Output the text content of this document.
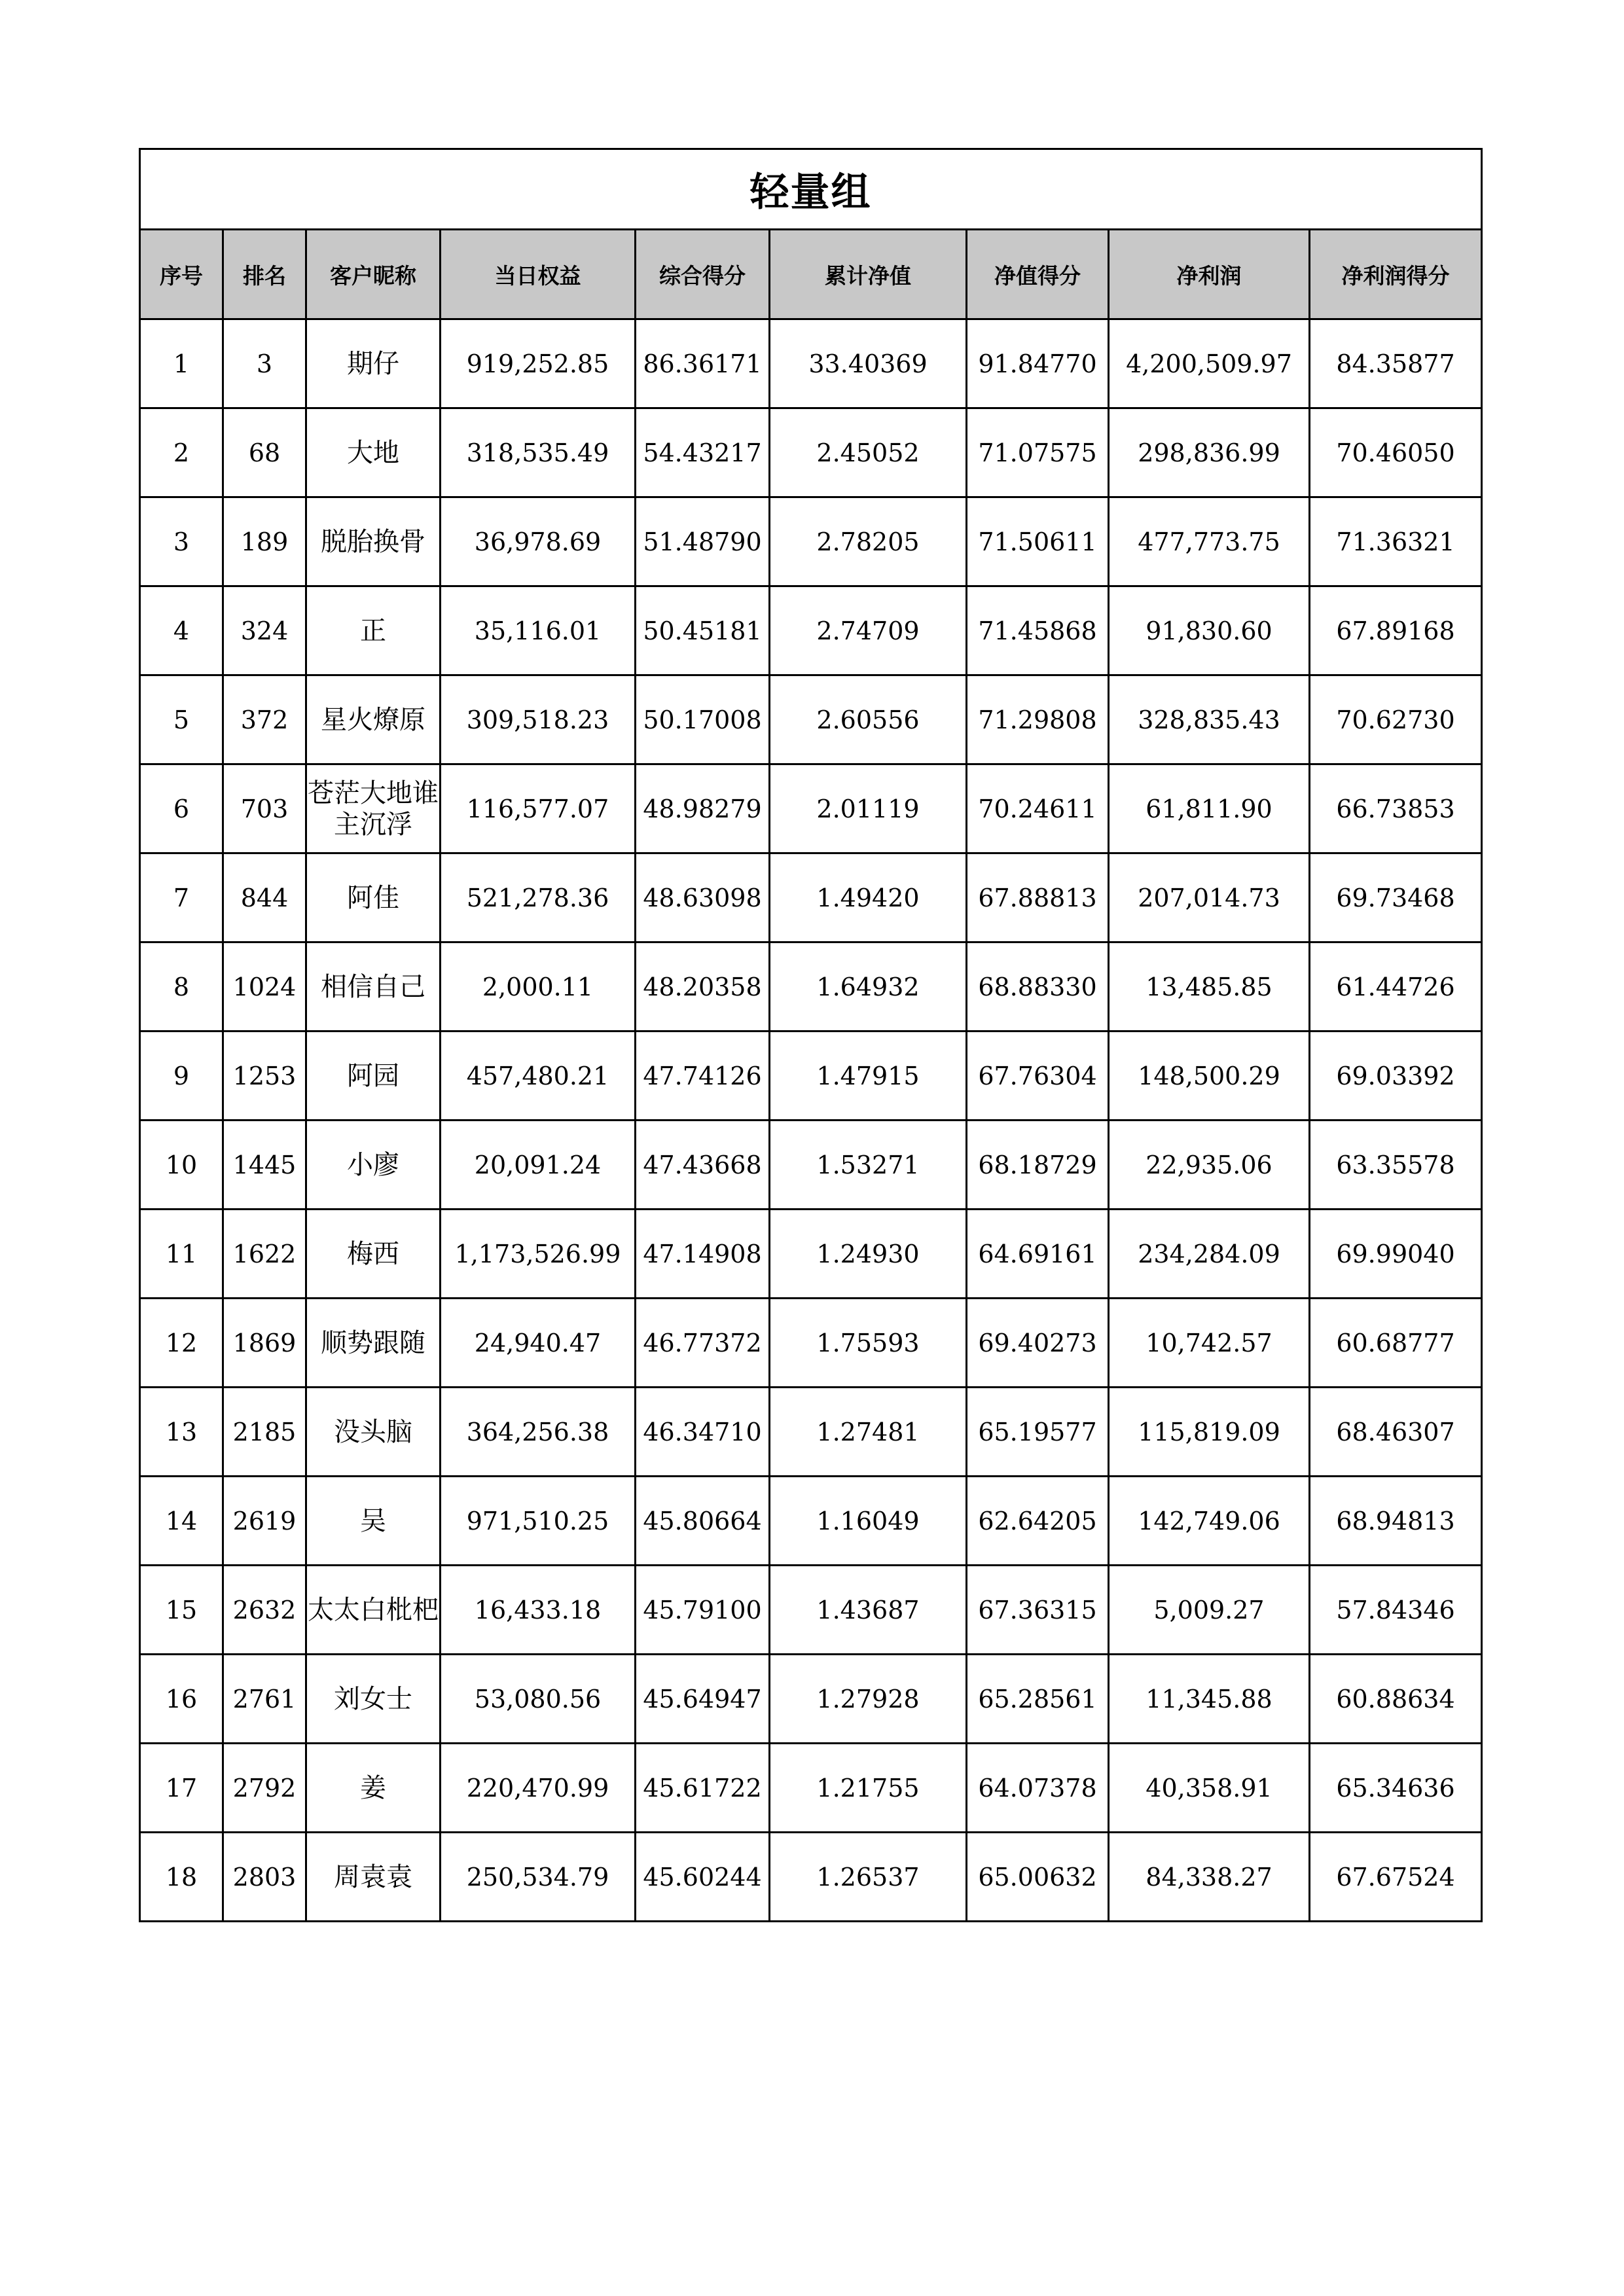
轻量组								
序号	排名	客户昵称	当日权益	综合得分	累计净值	净值得分	净利润	净利润得分
1	3	期仔	919,252.85	86.36171	33.40369	91.84770	4,200,509.97	84.35877
2	68	大地	318,535.49	54.43217	2.45052	71.07575	298,836.99	70.46050
3	189	脱胎换骨	36,978.69	51.48790	2.78205	71.50611	477,773.75	71.36321
4	324	正	35,116.01	50.45181	2.74709	71.45868	91,830.60	67.89168
5	372	星火燎原	309,518.23	50.17008	2.60556	71.29808	328,835.43	70.62730
6	703	苍茫大地谁主沉浮	116,577.07	48.98279	2.01119	70.24611	61,811.90	66.73853
7	844	阿佳	521,278.36	48.63098	1.49420	67.88813	207,014.73	69.73468
8	1024	相信自己	2,000.11	48.20358	1.64932	68.88330	13,485.85	61.44726
9	1253	阿园	457,480.21	47.74126	1.47915	67.76304	148,500.29	69.03392
10	1445	小廖	20,091.24	47.43668	1.53271	68.18729	22,935.06	63.35578
11	1622	梅西	1,173,526.99	47.14908	1.24930	64.69161	234,284.09	69.99040
12	1869	顺势跟随	24,940.47	46.77372	1.75593	69.40273	10,742.57	60.68777
13	2185	没头脑	364,256.38	46.34710	1.27481	65.19577	115,819.09	68.46307
14	2619	吴	971,510.25	45.80664	1.16049	62.64205	142,749.06	68.94813
15	2632	太太白枇杷	16,433.18	45.79100	1.43687	67.36315	5,009.27	57.84346
16	2761	刘女士	53,080.56	45.64947	1.27928	65.28561	11,345.88	60.88634
17	2792	姜	220,470.99	45.61722	1.21755	64.07378	40,358.91	65.34636
18	2803	周袁袁	250,534.79	45.60244	1.26537	65.00632	84,338.27	67.67524
